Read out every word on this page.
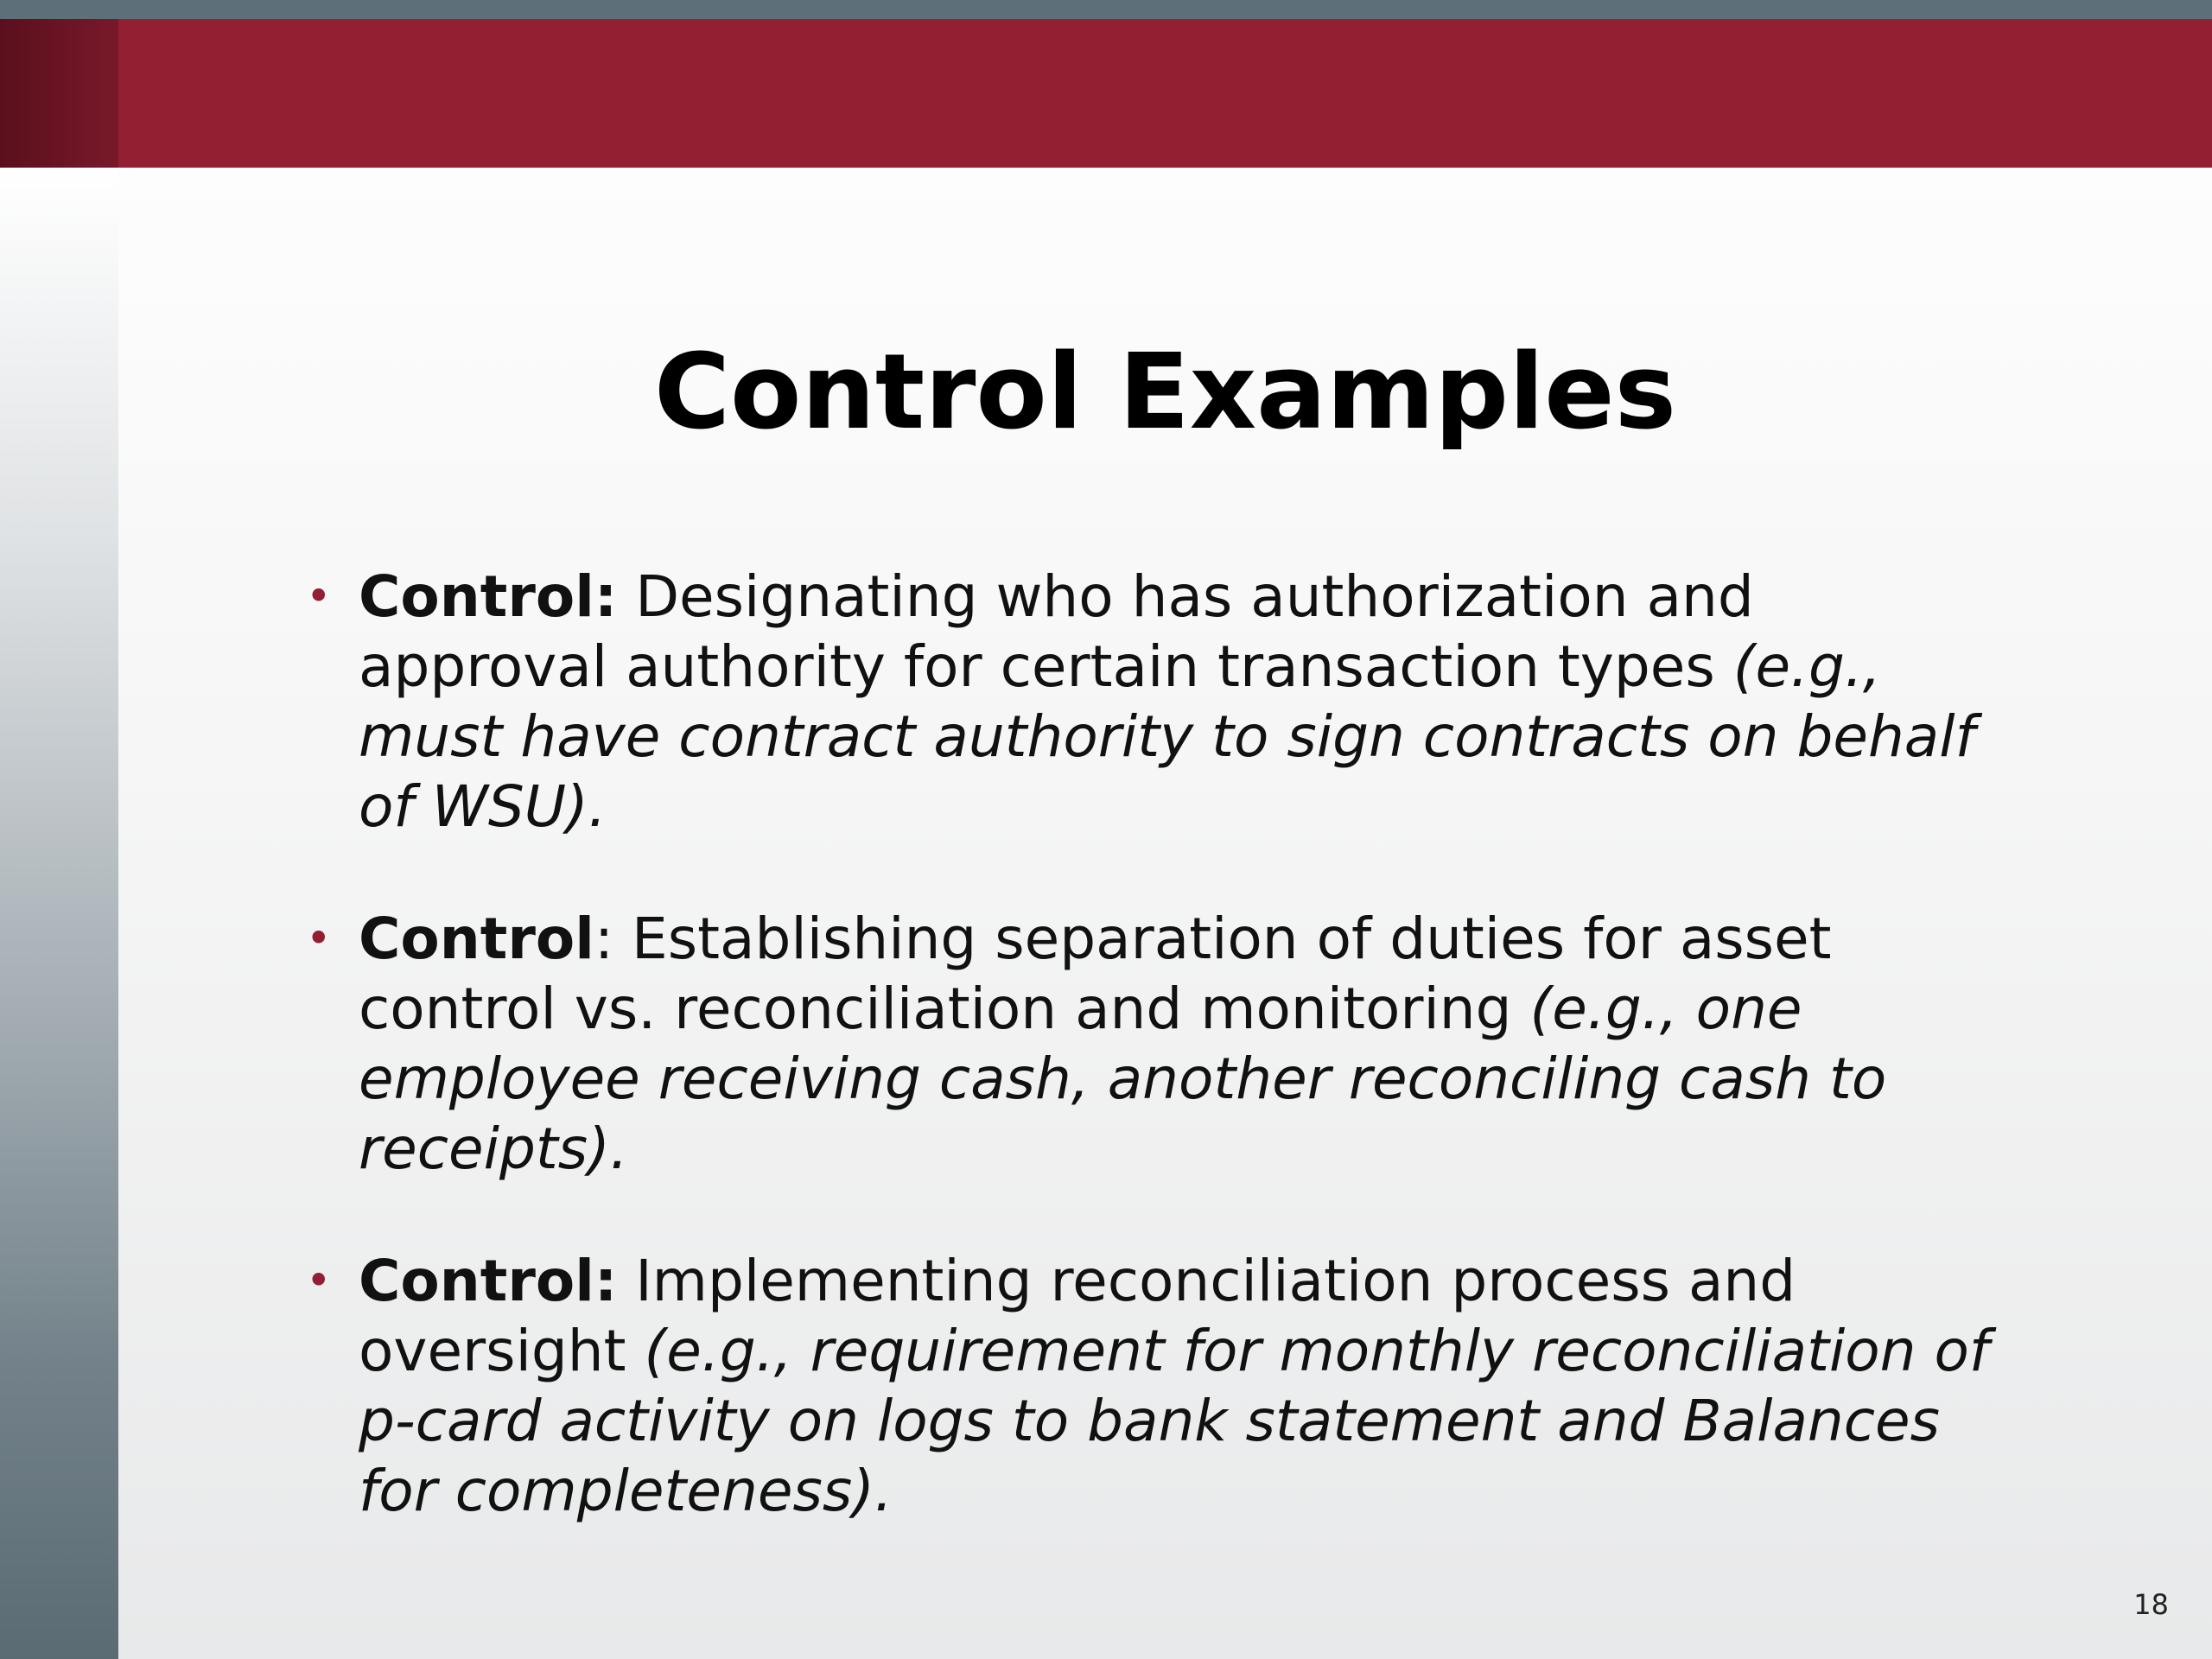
Control Examples
• Control: Designating who has authorization and approval authority for certain transaction types (e.g., must have contract authority to sign contracts on behalf of WSU).
• Control: Establishing separation of duties for asset control vs. reconciliation and monitoring (e.g., one employee receiving cash, another reconciling cash to receipts).
• Control: Implementing reconciliation process and oversight (e.g., requirement for monthly reconciliation of p-card activity on logs to bank statement and Balances for completeness).
18
